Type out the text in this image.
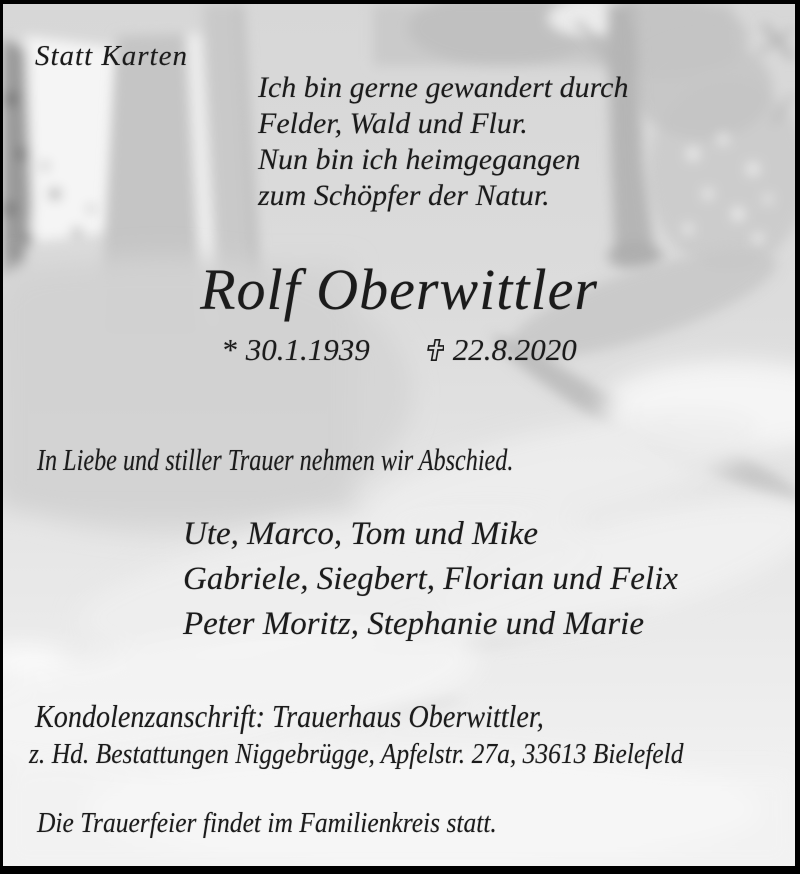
Statt Karten
Ich bin gerne gewandert durch
Felder, Wald und Flur.
Nun bin ich heimgegangen
zum Schöpfer der Natur.
Rolf Oberwittler
* 30.1.1939	22.8.2020
In Liebe und stiller Trauer nehmen wir Abschied.
Ute, Marco, Tom und Mike
Gabriele, Siegbert, Florian und Felix
Peter Moritz, Stephanie und Marie
Kondolenzanschrift: Trauerhaus Oberwittler,
z. Hd. Bestattungen Niggebrügge, Apfelstr. 27a, 33613 Bielefeld
Die Trauerfeier findet im Familienkreis statt.
